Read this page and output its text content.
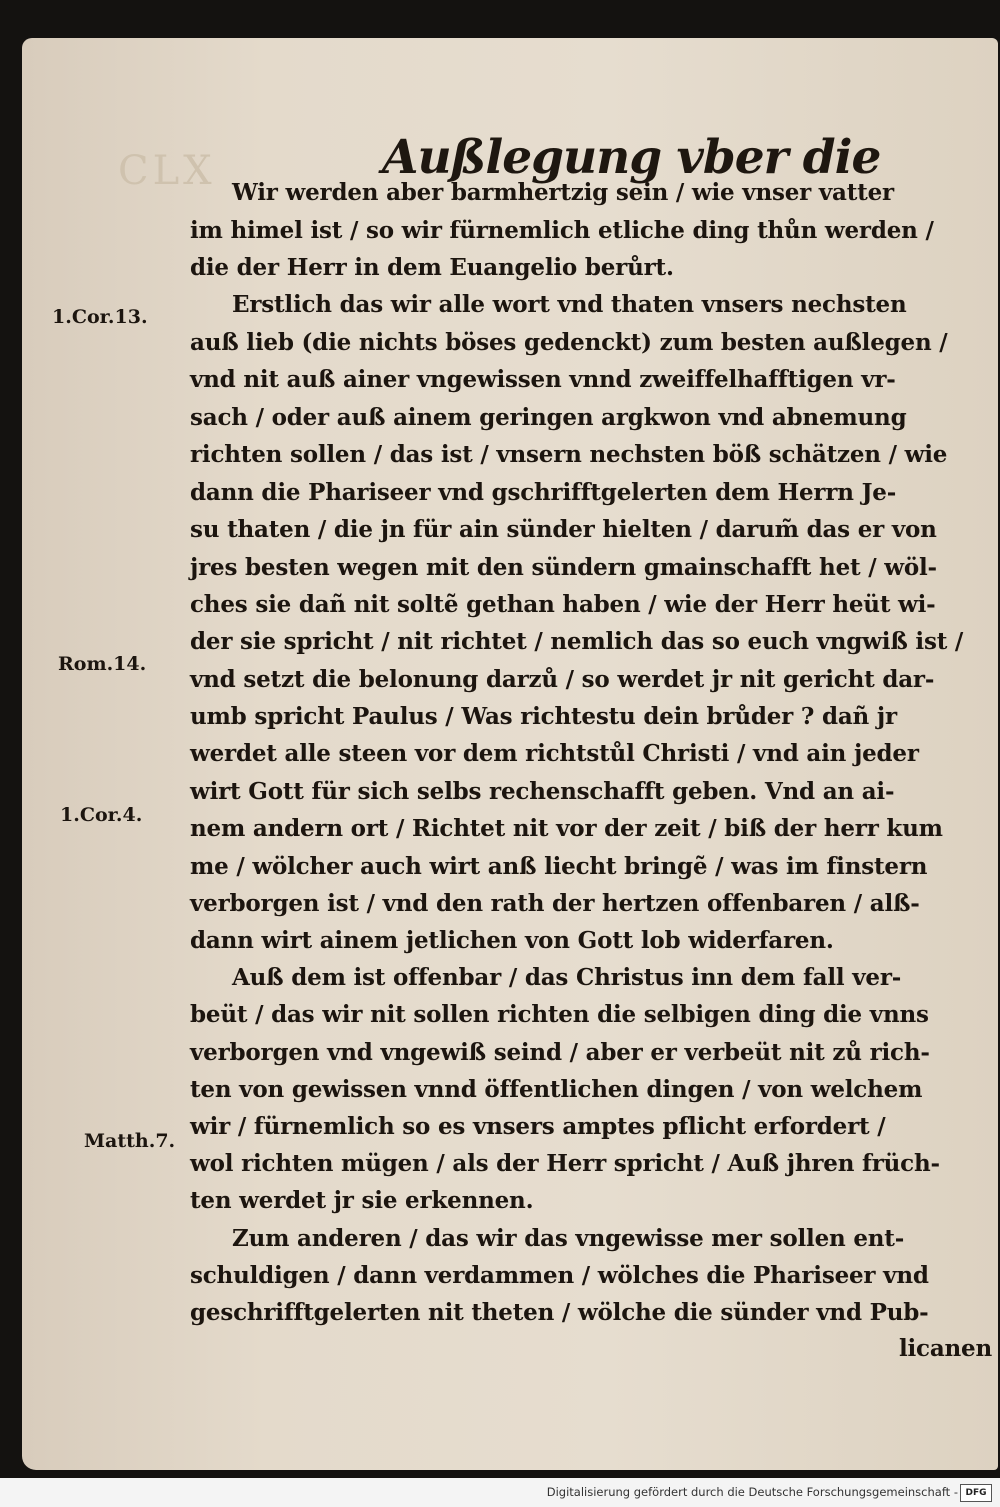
CLX	Außlegung vber die
Wir werden aber barmhertzig sein / wie vnser vatter
im himel ist / so wir fürnemlich etliche ding thůn werden /
die der Herr in dem Euangelio berůrt.
Erstlich das wir alle wort vnd thaten vnsers nechsten
auß lieb (die nichts böses gedenckt) zum besten außlegen /
vnd nit auß ainer vngewissen vnnd zweiffelhafftigen vr-
sach / oder auß ainem geringen argkwon vnd abnemung
richten sollen / das ist / vnsern nechsten böß schätzen / wie
dann die Phariseer vnd gschrifftgelerten dem Herrn Je-
su thaten / die jn für ain sünder hielten / darum̃ das er von
jres besten wegen mit den sündern gmainschafft het / wöl-
ches sie dañ nit soltẽ gethan haben / wie der Herr heüt wi-
der sie spricht / nit richtet / nemlich das so euch vngwiß ist /
vnd setzt die belonung darzů / so werdet jr nit gericht dar-
umb spricht Paulus / Was richtestu dein brůder ? dañ jr
werdet alle steen vor dem richtstůl Christi / vnd ain jeder
wirt Gott für sich selbs rechenschafft geben. Vnd an ai-
nem andern ort / Richtet nit vor der zeit / biß der herr kum
me / wölcher auch wirt anß liecht bringẽ / was im finstern
verborgen ist / vnd den rath der hertzen offenbaren / alß-
dann wirt ainem jetlichen von Gott lob widerfaren.
Auß dem ist offenbar / das Christus inn dem fall ver-
beüt / das wir nit sollen richten die selbigen ding die vnns
verborgen vnd vngewiß seind / aber er verbeüt nit zů rich-
ten von gewissen vnnd öffentlichen dingen / von welchem
wir / fürnemlich so es vnsers amptes pflicht erfordert /
wol richten mügen / als der Herr spricht / Auß jhren früch-
ten werdet jr sie erkennen.
Zum anderen / das wir das vngewisse mer sollen ent-
schuldigen / dann verdammen / wölches die Phariseer vnd
geschrifftgelerten nit theten / wölche die sünder vnd Pub-
licanen
1.Cor.13.
Rom.14.
1.Cor.4.
Matth.7.
Digitalisierung gefördert durch die Deutsche Forschungsgemeinschaft - DFG
